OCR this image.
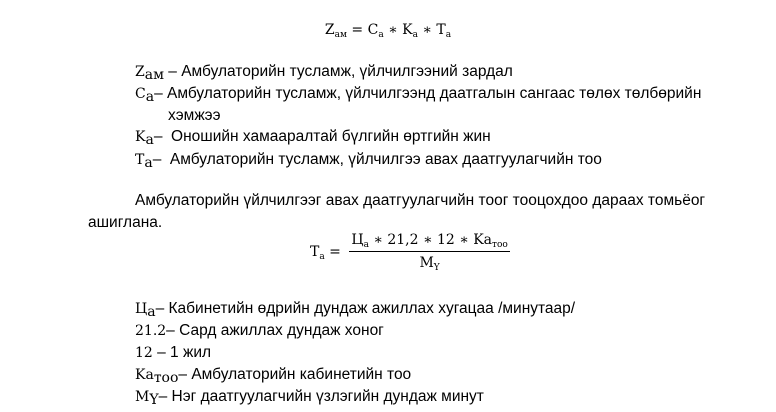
$Z_{ам} = C_а$ ∗ $K_а$ ∗ $T_а$
$Z_{ам}$ – Амбулаторийн тусламж, үйлчилгээний зардал
$C_а-$ Амбулаторийн тусламж, үйлчилгээнд даатгалын сангаас төлөх төлбөрийн
хэмжээ
$K_а-$  Оношийн хамааралтай бүлгийн өртгийн жин
$T_а-$  Амбулаторийн тусламж, үйлчилгээ авах даатгуулагчийн тоо
Амбулаторийн үйлчилгээг авах даатгуулагчийн тоог тооцохдоо дараах томьёог
ашиглана.
$T_а = Ц_а$ ∗ 21,2 ∗ 12 ∗ $Ka_{тоо}$
$M_Ү$
$Ц_а-$ Кабинетийн өдрийн дундаж ажиллах хугацаа /минутаар/
21.2– Сард ажиллах дундаж хоног
12 – 1 жил
$Ka_{тоо}-$ Амбулаторийн кабинетийн тоо
$M_Ү-$ Нэг даатгуулагчийн үзлэгийн дундаж минут
